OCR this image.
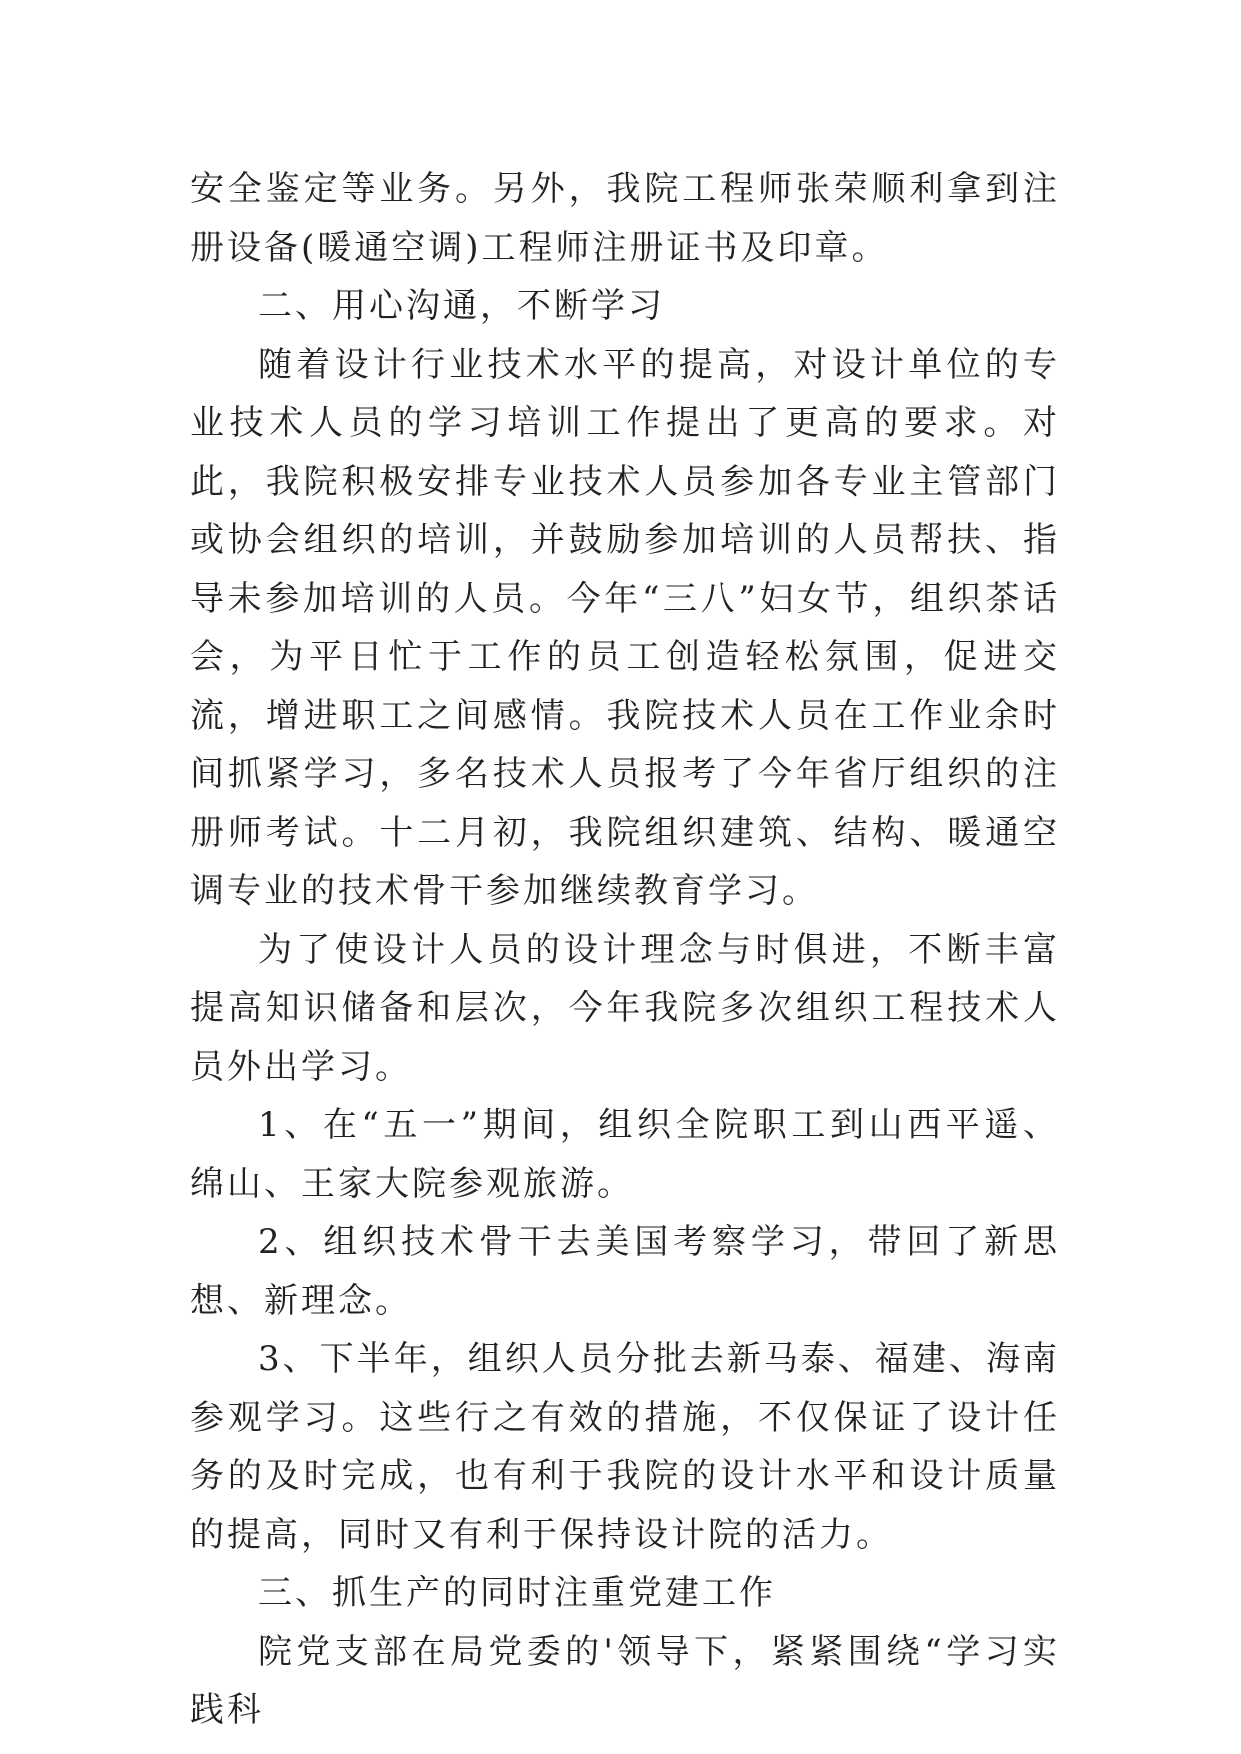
安全鉴定等业务。另外，我院工程师张荣顺利拿到注册设备(暖通空调)工程师注册证书及印章。

二、用心沟通，不断学习

随着设计行业技术水平的提高，对设计单位的专业技术人员的学习培训工作提出了更高的要求。对此，我院积极安排专业技术人员参加各专业主管部门或协会组织的培训，并鼓励参加培训的人员帮扶、指导未参加培训的人员。今年“三八”妇女节，组织茶话会，为平日忙于工作的员工创造轻松氛围，促进交流，增进职工之间感情。我院技术人员在工作业余时间抓紧学习，多名技术人员报考了今年省厅组织的注册师考试。十二月初，我院组织建筑、结构、暖通空调专业的技术骨干参加继续教育学习。

为了使设计人员的设计理念与时俱进，不断丰富提高知识储备和层次，今年我院多次组织工程技术人员外出学习。

1、在“五一”期间，组织全院职工到山西平遥、绵山、王家大院参观旅游。

2、组织技术骨干去美国考察学习，带回了新思想、新理念。

3、下半年，组织人员分批去新马泰、福建、海南参观学习。这些行之有效的措施，不仅保证了设计任务的及时完成，也有利于我院的设计水平和设计质量的提高，同时又有利于保持设计院的活力。

三、抓生产的同时注重党建工作

院党支部在局党委的'领导下，紧紧围绕“学习实践科
